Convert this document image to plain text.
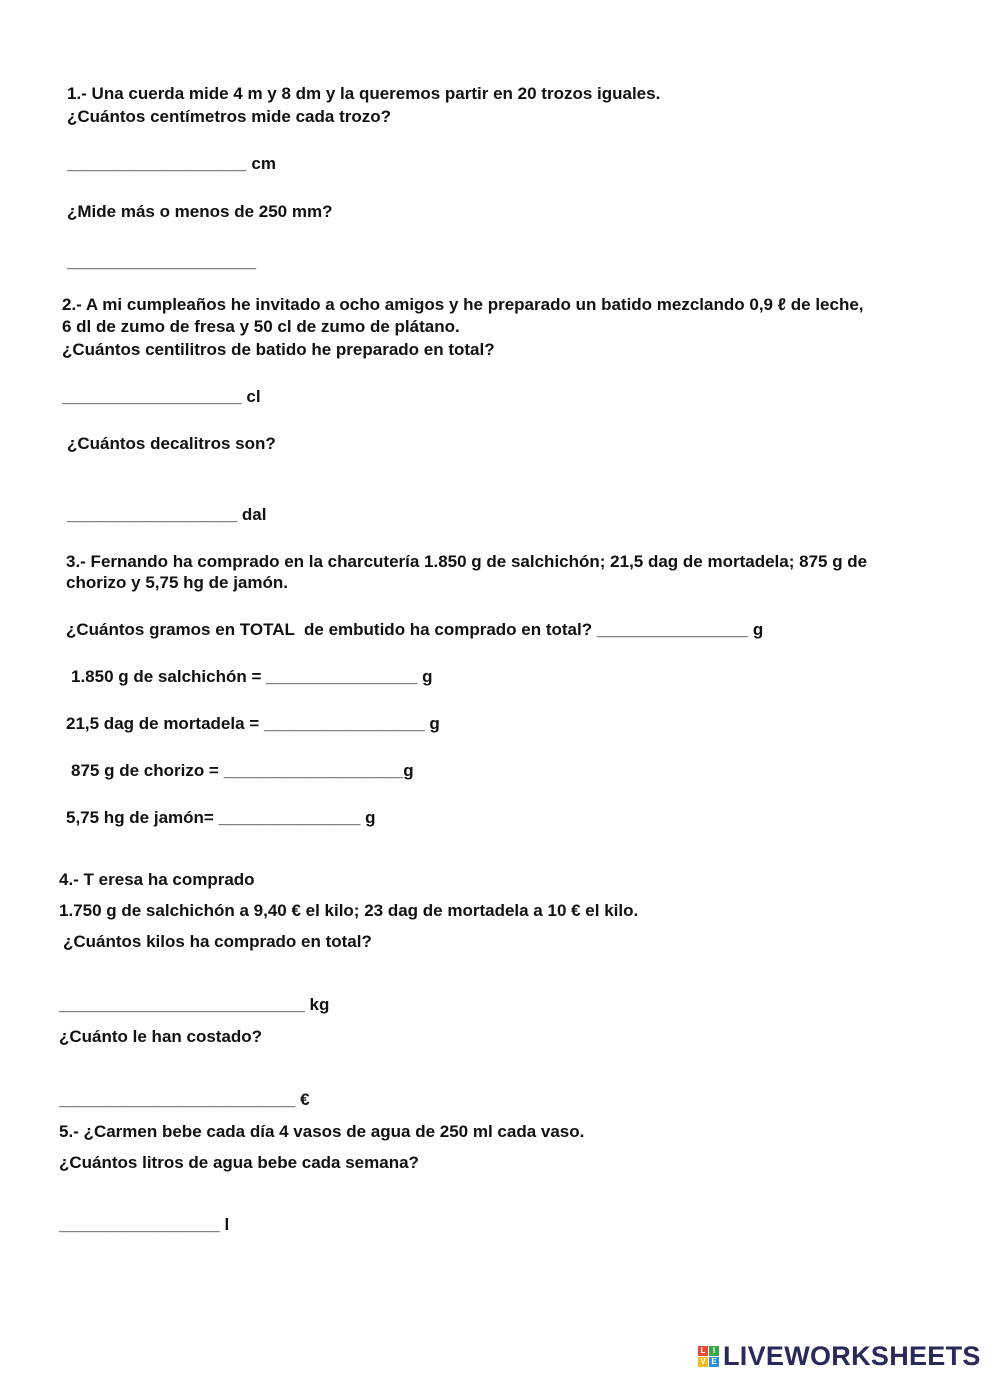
1.- Una cuerda mide 4 m y 8 dm y la queremos partir en 20 trozos iguales.
¿Cuántos centímetros mide cada trozo?
___________________ cm
¿Mide más o menos de 250 mm?
____________________
2.- A mi cumpleaños he invitado a ocho amigos y he preparado un batido mezclando 0,9 ℓ de leche,
6 dl de zumo de fresa y 50 cl de zumo de plátano.
¿Cuántos centilitros de batido he preparado en total?
___________________ cl
¿Cuántos decalitros son?
__________________ dal
3.- Fernando ha comprado en la charcutería 1.850 g de salchichón; 21,5 dag de mortadela; 875 g de
chorizo y 5,75 hg de jamón.
¿Cuántos gramos en TOTAL  de embutido ha comprado en total? ________________ g
1.850 g de salchichón = ________________ g
21,5 dag de mortadela = _________________ g
875 g de chorizo = ___________________g
5,75 hg de jamón= _______________ g
4.- T eresa ha comprado
1.750 g de salchichón a 9,40 € el kilo; 23 dag de mortadela a 10 € el kilo.
¿Cuántos kilos ha comprado en total?
__________________________ kg
¿Cuánto le han costado?
_________________________ €
5.- ¿Carmen bebe cada día 4 vasos de agua de 250 ml cada vaso.
¿Cuántos litros de agua bebe cada semana?
_________________ l
L I
V E LIVEWORKSHEETS
